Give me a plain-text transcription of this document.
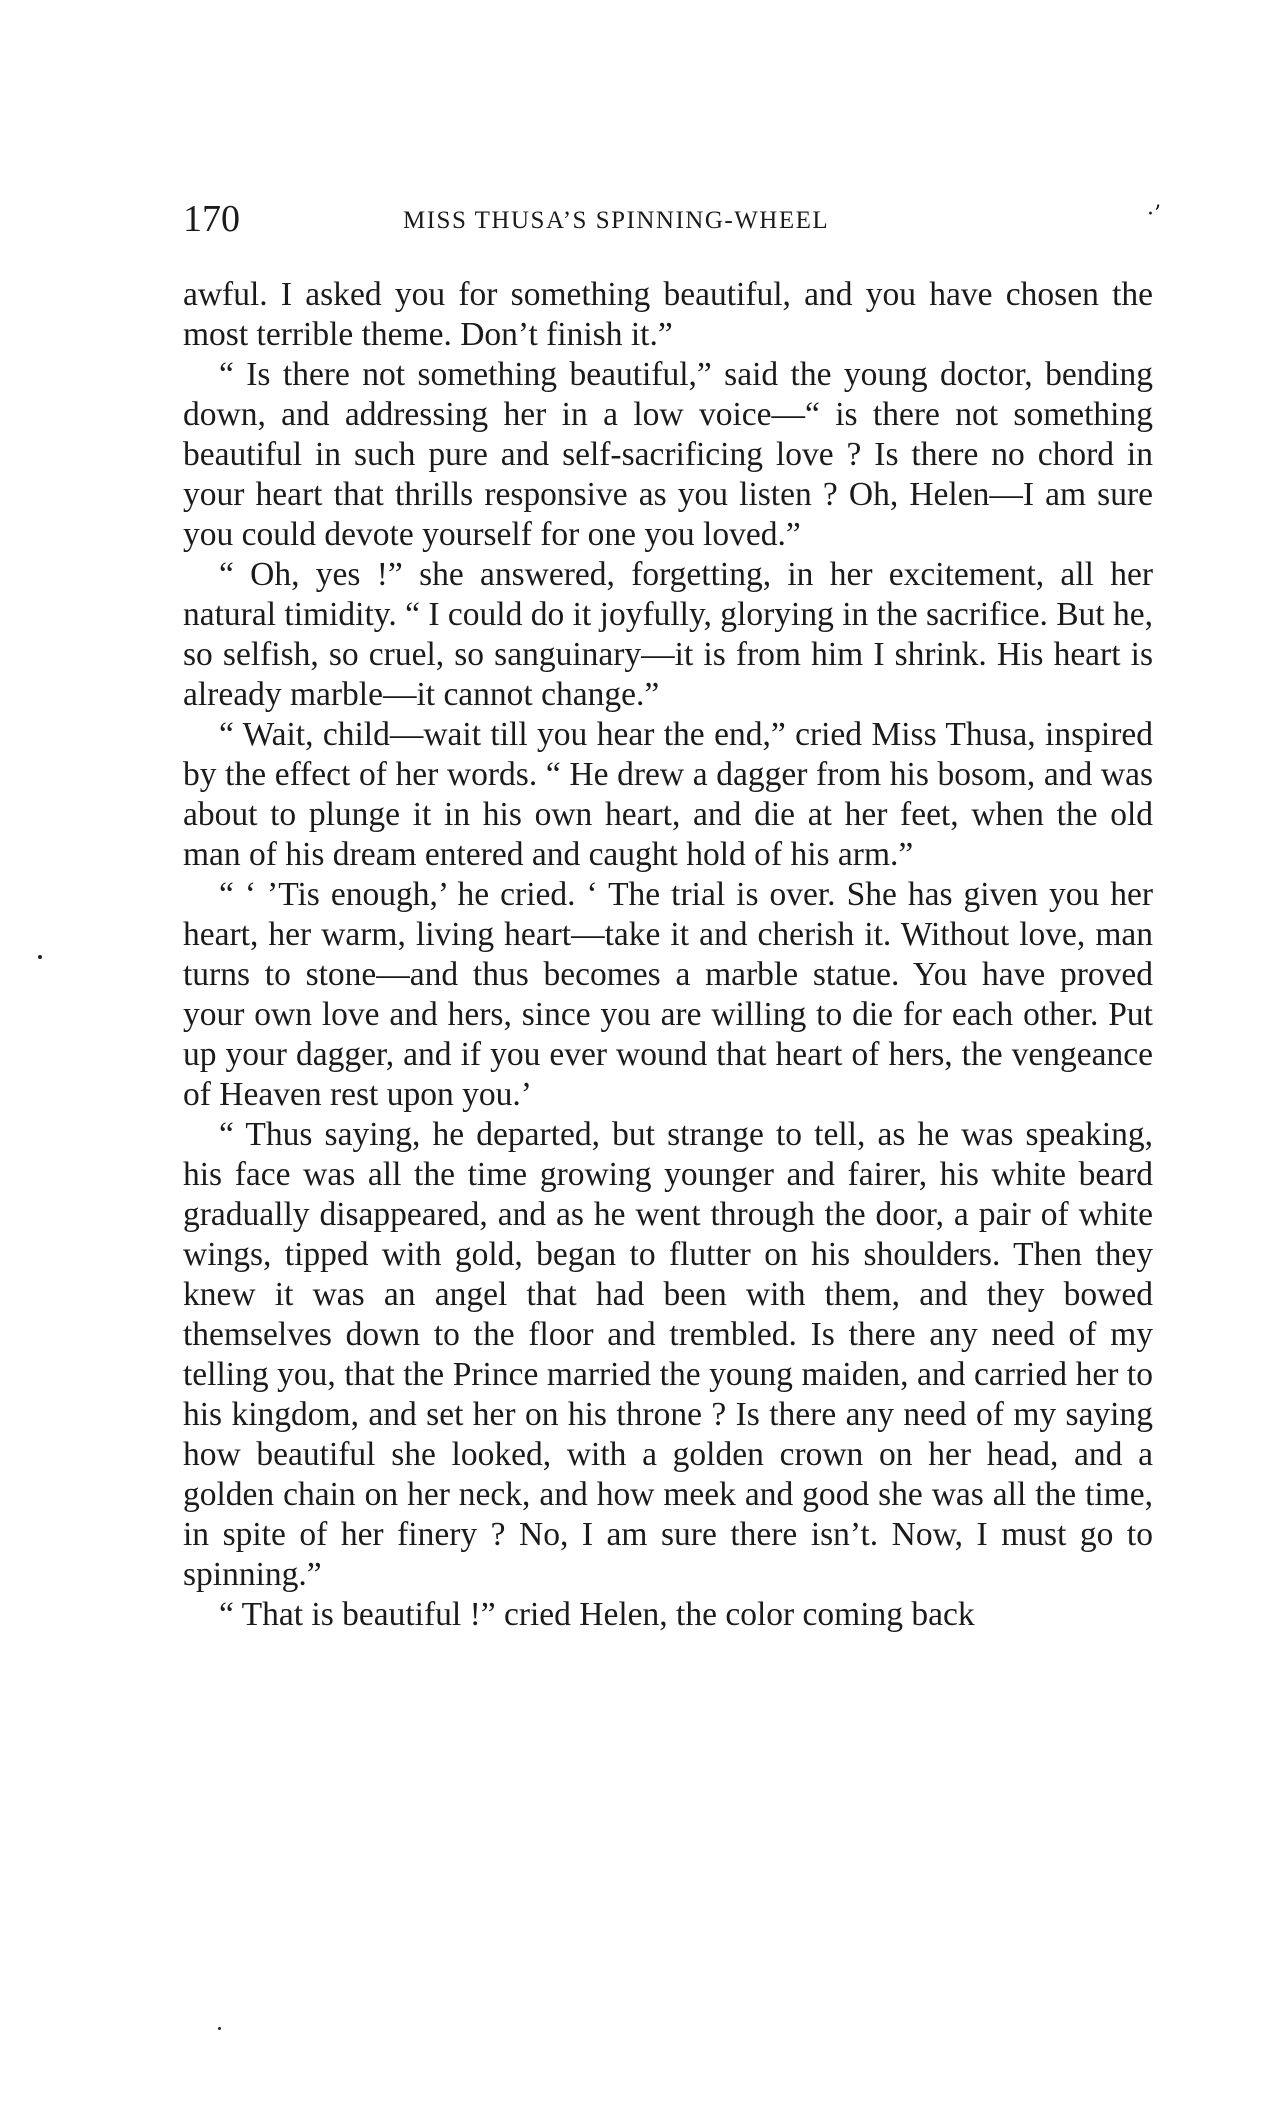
170	MISS THUSA’S SPINNING-WHEEL	·’

awful. I asked you for something beautiful, and you have chosen the most terrible theme. Don’t finish it.”

“ Is there not something beautiful,” said the young doctor, bending down, and addressing her in a low voice—“ is there not something beautiful in such pure and self-sacrificing love ? Is there no chord in your heart that thrills responsive as you listen ? Oh, Helen—I am sure you could devote yourself for one you loved.”

“ Oh, yes !” she answered, forgetting, in her excitement, all her natural timidity. “ I could do it joyfully, glorying in the sacrifice. But he, so selfish, so cruel, so sanguinary—it is from him I shrink. His heart is already marble—it cannot change.”

“ Wait, child—wait till you hear the end,” cried Miss Thusa, inspired by the effect of her words. “ He drew a dagger from his bosom, and was about to plunge it in his own heart, and die at her feet, when the old man of his dream entered and caught hold of his arm.”

“ ‘ ’Tis enough,’ he cried. ‘ The trial is over. She has given you her heart, her warm, living heart—take it and cherish it. Without love, man turns to stone—and thus becomes a marble statue. You have proved your own love and hers, since you are willing to die for each other. Put up your dagger, and if you ever wound that heart of hers, the vengeance of Heaven rest upon you.’

“ Thus saying, he departed, but strange to tell, as he was speaking, his face was all the time growing younger and fairer, his white beard gradually disappeared, and as he went through the door, a pair of white wings, tipped with gold, began to flutter on his shoulders. Then they knew it was an angel that had been with them, and they bowed themselves down to the floor and trembled. Is there any need of my telling you, that the Prince married the young maiden, and carried her to his kingdom, and set her on his throne ? Is there any need of my saying how beautiful she looked, with a golden crown on her head, and a golden chain on her neck, and how meek and good she was all the time, in spite of her finery ? No, I am sure there isn’t. Now, I must go to spinning.”

“ That is beautiful !” cried Helen, the color coming back
